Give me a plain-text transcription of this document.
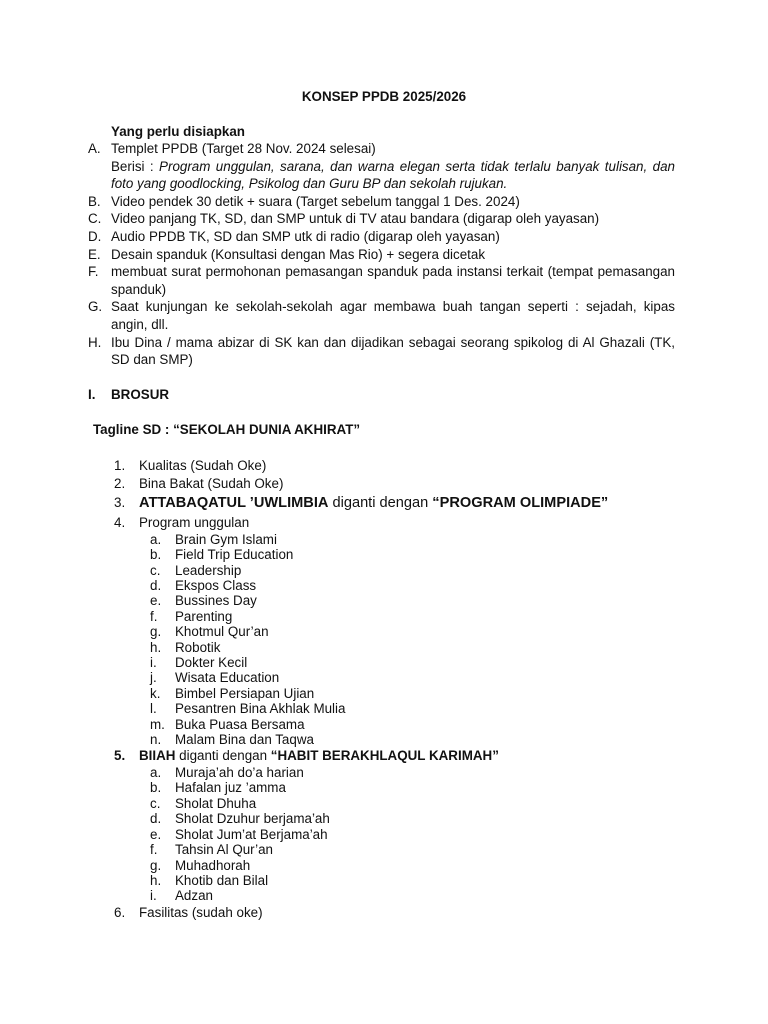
KONSEP PPDB 2025/2026
Yang perlu disiapkan
A. Templet PPDB (Target 28 Nov. 2024 selesai)
Berisi : Program unggulan, sarana, dan warna elegan serta tidak terlalu banyak tulisan, dan foto yang goodlocking, Psikolog dan Guru BP dan sekolah rujukan.
B. Video pendek 30 detik + suara (Target sebelum tanggal 1 Des. 2024)
C. Video panjang TK, SD, dan SMP untuk di TV atau bandara (digarap oleh yayasan)
D. Audio PPDB TK, SD dan SMP utk di radio (digarap oleh yayasan)
E. Desain spanduk (Konsultasi dengan Mas Rio) + segera dicetak
F. membuat surat permohonan pemasangan spanduk pada instansi terkait (tempat pemasangan spanduk)
G. Saat kunjungan ke sekolah-sekolah agar membawa buah tangan seperti : sejadah, kipas angin, dll.
H. Ibu Dina / mama abizar di SK kan dan dijadikan sebagai seorang spikolog di Al Ghazali (TK, SD dan SMP)
I.	BROSUR
Tagline SD : “SEKOLAH DUNIA AKHIRAT”
1.	Kualitas (Sudah Oke)
2.	Bina Bakat (Sudah Oke)
3. ATTABAQATUL ’UWLIMBIA diganti dengan “PROGRAM OLIMPIADE”
4.	Program unggulan
a.	Brain Gym Islami
b.	Field Trip Education
c.	Leadership
d.	Ekspos Class
e.	Bussines Day
f.	Parenting
g.	Khotmul Qur’an
h.	Robotik
i.	Dokter Kecil
j.	Wisata Education
k.	Bimbel Persiapan Ujian
l.	Pesantren Bina Akhlak Mulia
m. Buka Puasa Bersama
n.	Malam Bina dan Taqwa
5.	BIIAH diganti dengan “HABIT BERAKHLAQUL KARIMAH”
a.	Muraja’ah do’a harian
b.	Hafalan juz ’amma
c.	Sholat Dhuha
d.	Sholat Dzuhur berjama’ah
e.	Sholat Jum’at Berjama’ah
f.	Tahsin Al Qur’an
g.	Muhadhorah
h.	Khotib dan Bilal
i.	Adzan
6.	Fasilitas (sudah oke)
